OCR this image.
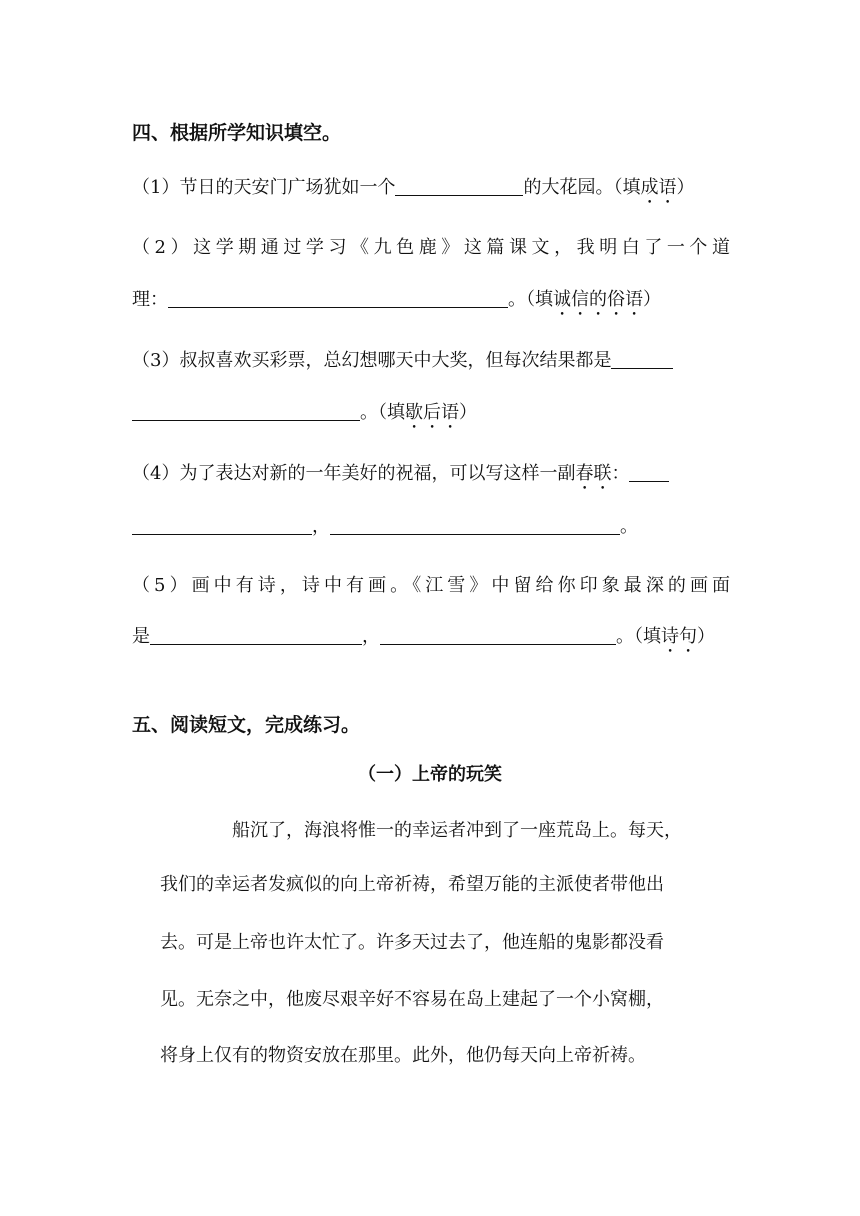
四、根据所学知识填空。
（1）节日的天安门广场犹如一个	的大花园。（填成语）
（2）这学期通过学习《九色鹿》这篇课文，我明白了一个道
理：	。（填诚信的俗语）
（3）叔叔喜欢买彩票，总幻想哪天中大奖，但每次结果都是
。（填歇后语）
（4）为了表达对新的一年美好的祝福，可以写这样一副春联：
，	。
（5）画中有诗，诗中有画。《江雪》中留给你印象最深的画面
是	，	。（填诗句）
五、阅读短文，完成练习。
（一）上帝的玩笑
船沉了，海浪将惟一的幸运者冲到了一座荒岛上。每天，
我们的幸运者发疯似的向上帝祈祷，希望万能的主派使者带他出
去。可是上帝也许太忙了。许多天过去了，他连船的鬼影都没看
见。无奈之中，他废尽艰辛好不容易在岛上建起了一个小窝棚，
将身上仅有的物资安放在那里。此外，他仍每天向上帝祈祷。
